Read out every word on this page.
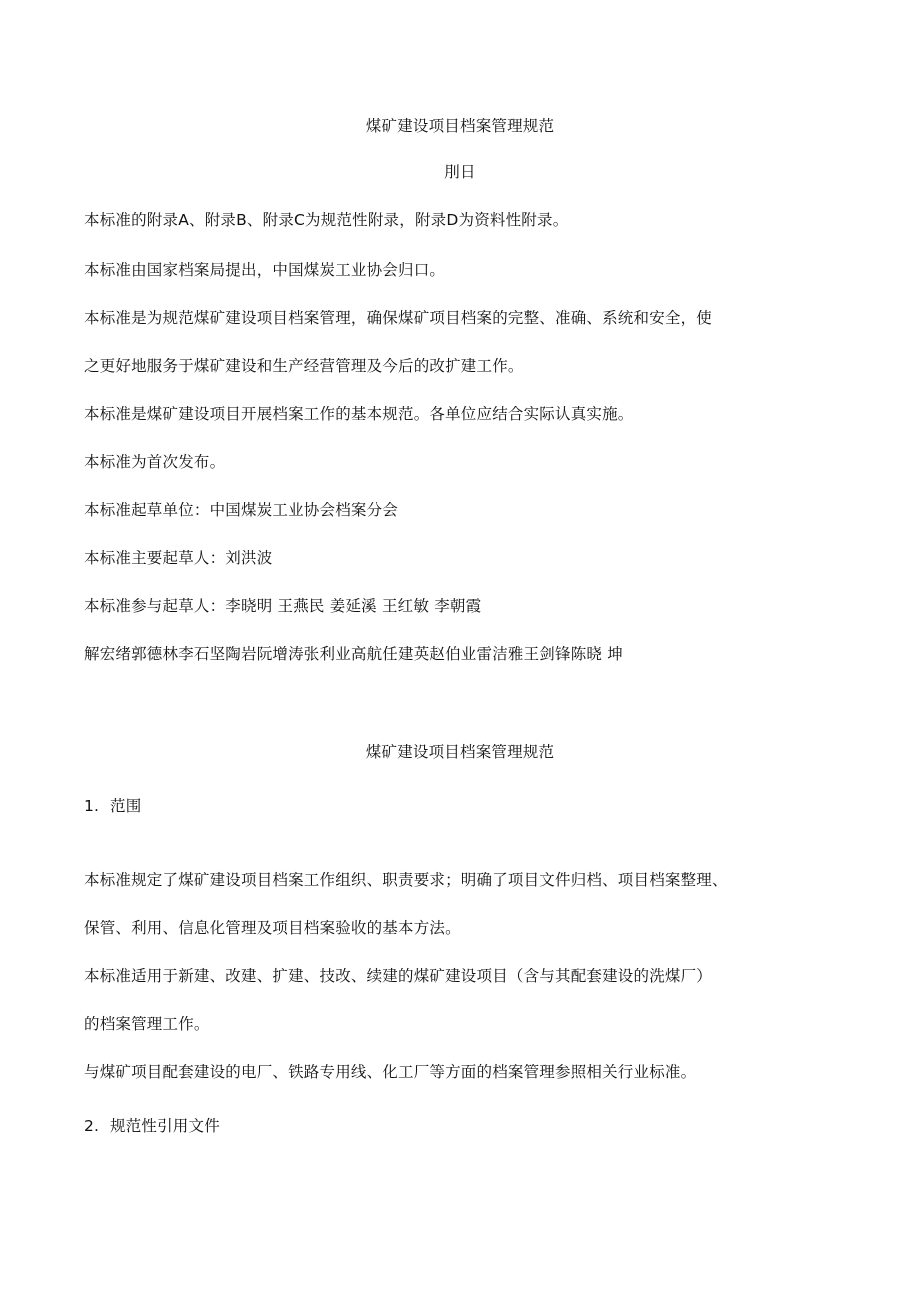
煤矿建设项目档案管理规范
刖日
本标准的附录A、附录B、附录C为规范性附录，附录D为资料性附录。
本标准由国家档案局提出，中国煤炭工业协会归口。
本标准是为规范煤矿建设项目档案管理，确保煤矿项目档案的完整、准确、系统和安全，使
之更好地服务于煤矿建设和生产经营管理及今后的改扩建工作。
本标准是煤矿建设项目开展档案工作的基本规范。各单位应结合实际认真实施。
本标准为首次发布。
本标准起草单位：中国煤炭工业协会档案分会
本标准主要起草人：刘洪波
本标准参与起草人：李晓明 王燕民 姜延溪 王红敏 李朝霞
解宏绪郭德林李石坚陶岩阮增涛张利业高航任建英赵伯业雷洁雅王剑锋陈晓 坤
煤矿建设项目档案管理规范
1. 范围
本标准规定了煤矿建设项目档案工作组织、职责要求；明确了项目文件归档、项目档案整理、
保管、利用、信息化管理及项目档案验收的基本方法。
本标准适用于新建、改建、扩建、技改、续建的煤矿建设项目（含与其配套建设的洗煤厂）
的档案管理工作。
与煤矿项目配套建设的电厂、铁路专用线、化工厂等方面的档案管理参照相关行业标准。
2. 规范性引用文件
